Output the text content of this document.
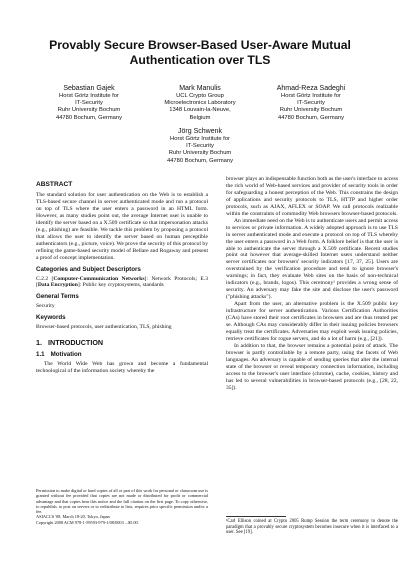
Provably Secure Browser-Based User-Aware Mutual Authentication over TLS
Sebastian Gajek
Horst Görtz Institute for
IT-Security
Ruhr University Bochum
44780 Bochum, Germany
Mark Manulis
UCL Crypto Group
Microelectronics Laboratory
1348 Louvain-la-Neuve,
Belgium
Ahmad-Reza Sadeghi
Horst Görtz Institute for
IT-Security
Ruhr University Bochum
44780 Bochum, Germany
Jörg Schwenk
Horst Görtz Institute for
IT-Security
Ruhr University Bochum
44780 Bochum, Germany
ABSTRACT

The standard solution for user authentication on the Web is to establish a TLS-based secure channel in server authenticated mode and run a protocol on top of TLS where the user enters a password in an HTML form. However, as many studies point out, the average Internet user is unable to identify the server based on a X.509 certificate so that impersonation attacks (e.g., phishing) are feasible. We tackle this problem by proposing a protocol that allows the user to identify the server based on human perceptible authenticators (e.g., picture, voice). We prove the security of this protocol by refining the game-based security model of Bellare and Rogaway and present a proof of concept implementation.

Categories and Subject Descriptors

C.2.2 [Computer-Communication Networks]: Network Protocols; E.3 [Data Encryption]: Public key cryptosystems, standards

General Terms

Security

Keywords

Browser-based protocols, user authentication, TLS, phishing

1. INTRODUCTION
1.1 Motivation

The World Wide Web has grown and become a fundamental technological of the information society whereby the

Permission to make digital or hard copies of all or part of this work for personal or classroom use is granted without fee provided that copies are not made or distributed for profit or commercial advantage and that copies bear this notice and the full citation on the first page. To copy otherwise, to republish, to post on servers or to redistribute to lists, requires prior specific permission and/or a fee.

ASIACCS '08, March 18-20, Tokyo, Japan

Copyright 2008 ACM 978-1-59593-979-1/08/0003 ...$5.00.

browser plays an indispensable function both as the user's interface to access the rich world of Web-based services and provider of security tools in order for safeguarding a honest perception of the Web. This constrains the design of applications and security protocols to TLS, HTTP and higher order protocols, such as AJAX, AFLEX or SOAP. We call protocols realizable within the constraints of commodity Web browsers browser-based protocols.

An immediate need on the Web is to authenticate users and permit access to services or private information. A widely adopted approach is to use TLS in server authenticated mode and execute a protocol on top of TLS whereby the user enters a password in a Web form. A folklore belief is that the user is able to authenticate the server through a X.509 certificate. Recent studies point out however that average-skilled Internet users understand neither server certificates nor browsers' security indicators [17, 37, 25]. Users are overstrained by the verification procedure and tend to ignore browser's warnings; in fact, they evaluate Web sites on the basis of non-technical indicators (e.g., brands, logos). This ceremony¹ provides a wrong sense of security. An adversary may fake the site and disclose the user's password ("phishing attacks").

Apart from the user, an alternative problem is the X.509 public key infrastructure for server authentication. Various Certification Authorities (CAs) have stored their root certificates in browsers and are thus treated per se. Although CAs may considerably differ in their issuing policies browsers equally treat the certificates. Adversaries may exploit weak issuing policies, retrieve certificates for rogue servers, and do a lot of harm (e.g., [21]).

In addition to that, the browser remains a potential point of attack. The browser is partly controllable by a remote party, using the facets of Web languages. An adversary is capable of sending queries that alter the internal state of the browser or reveal temporary connection information, including access to the browser's user interface (chrome), cache, cookies, history and has led to several vulnerabilities in browser-based protocols (e.g., [28, 22, 35]).

¹Carl Ellison coined at Crypto 2005 Rump Session the term ceremony to denote the paradigm that a provably secure cryptosystem becomes insecure when it is interfaced to a user. See [19].
